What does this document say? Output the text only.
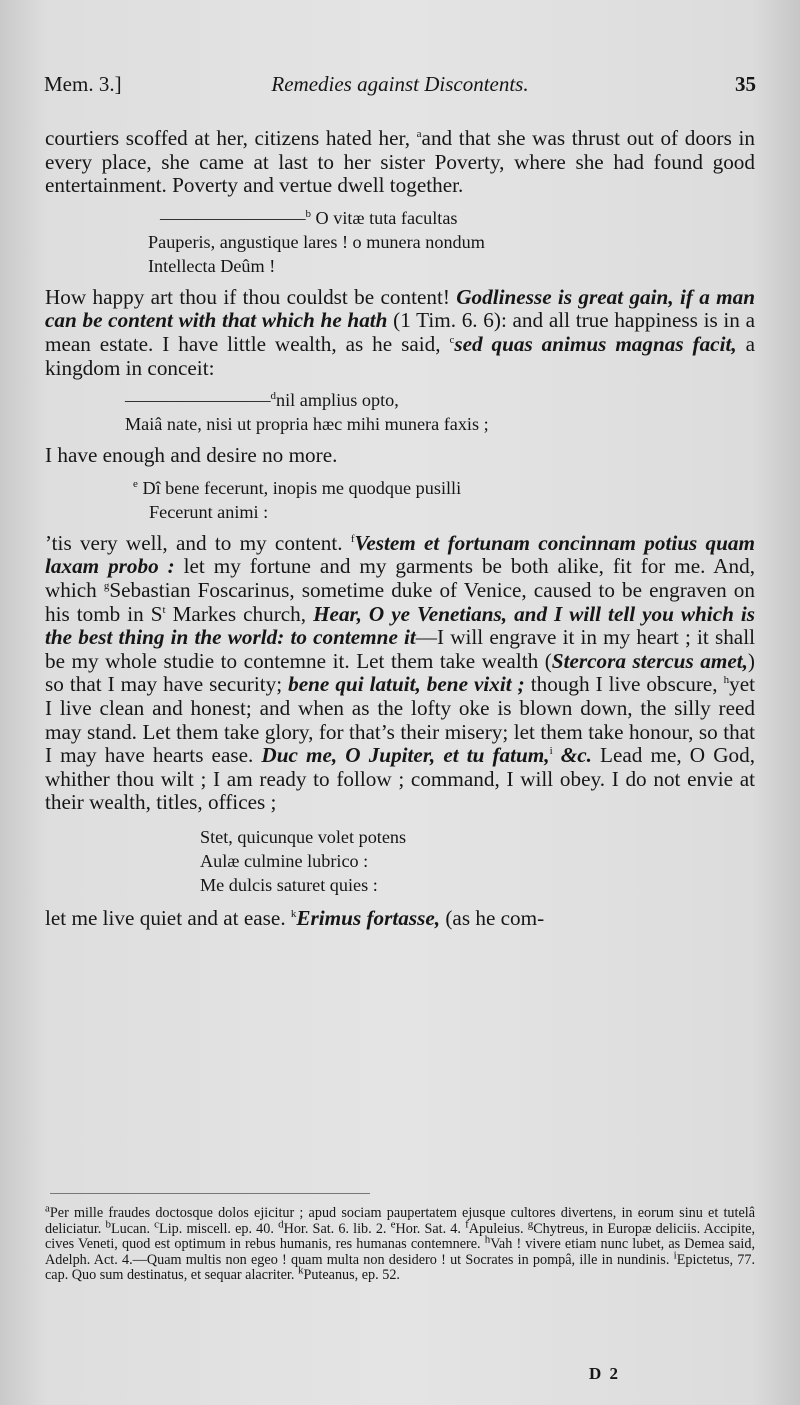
Mem. 3.]	Remedies against Discontents.	35

courtiers scoffed at her, citizens hated her, $^a$and that she was thrust out of doors in every place, she came at last to her sister Poverty, where she had found good entertainment. Poverty and vertue dwell together.

————————$^b$ O vitæ tuta facultas
Pauperis, angustique lares ! o munera nondum
Intellecta Deûm !

How happy art thou if thou couldst be content! Godlinesse is great gain, if a man can be content with that which he hath (1 Tim. 6. 6): and all true happiness is in a mean estate. I have little wealth, as he said, $^c$sed quas animus magnas facit, a kingdom in conceit:

————————$^d$nil amplius opto,
Maiâ nate, nisi ut propria hæc mihi munera faxis ;

I have enough and desire no more.

$^e$ Dî bene fecerunt, inopis me quodque pusilli
Fecerunt animi :

’tis very well, and to my content. $^f$Vestem et fortunam concinnam potius quam laxam probo : let my fortune and my garments be both alike, fit for me. And, which $^g$Sebastian Foscarinus, sometime duke of Venice, caused to be engraven on his tomb in $S^t$ Markes church, Hear, O ye Venetians, and I will tell you which is the best thing in the world: to contemne it—I will engrave it in my heart ; it shall be my whole studie to contemne it. Let them take wealth (Stercora stercus amet,) so that I may have security; bene qui latuit, bene vixit ; though I live obscure, $^h$yet I live clean and honest; and when as the lofty oke is blown down, the silly reed may stand. Let them take glory, for that’s their misery; let them take honour, so that I may have hearts ease. Duc me, O Jupiter, et tu fatum,$^i$ &c. Lead me, O God, whither thou wilt ; I am ready to follow ; command, I will obey. I do not envie at their wealth, titles, offices ;

Stet, quicunque volet potens
Aulæ culmine lubrico :
Me dulcis saturet quies :

let me live quiet and at ease. $^k$Erimus fortasse, (as he com-

$^a$Per mille fraudes doctosque dolos ejicitur ; apud sociam paupertatem ejusque cultores divertens, in eorum sinu et tutelâ deliciatur. $^b$Lucan. $^c$Lip. miscell. ep. 40. $^d$Hor. Sat. 6. lib. 2. $^e$Hor. Sat. 4. $^f$Apuleius. $^g$Chytreus, in Europæ deliciis. Accipite, cives Veneti, quod est optimum in rebus humanis, res humanas contemnere. $^h$Vah ! vivere etiam nunc lubet, as Demea said, Adelph. Act. 4.—Quam multis non egeo ! quam multa non desidero ! ut Socrates in pompâ, ille in nundinis. $^i$Epictetus, 77. cap. Quo sum destinatus, et sequar alacriter. $^k$Puteanus, ep. 52.
D 2
